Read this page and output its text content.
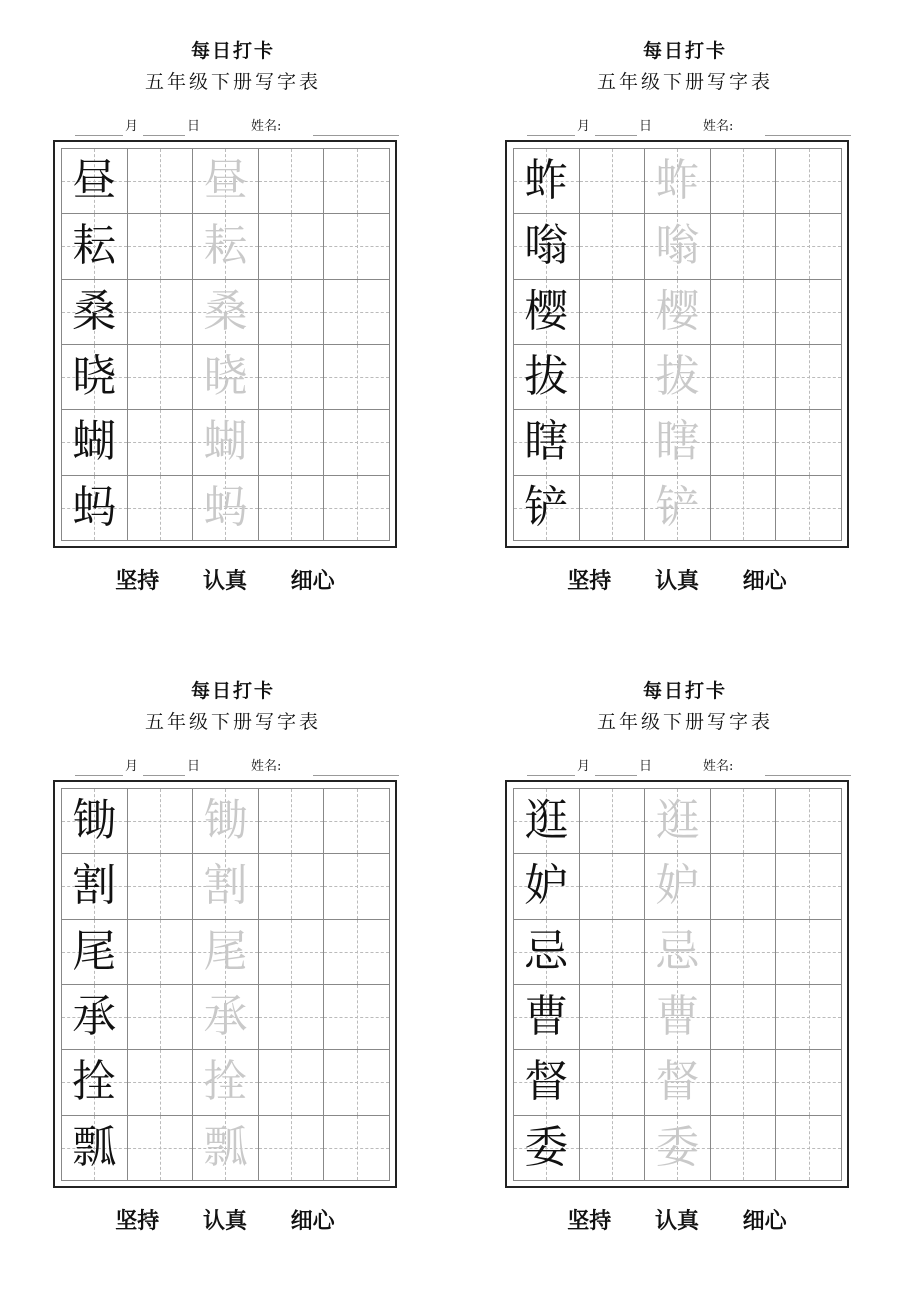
每日打卡
五年级下册写字表
月	日	姓名:
昼 昼
耘 耘
桑 桑
晓 晓
蝴 蝴
蚂 蚂
坚持 认真 细心
每日打卡
五年级下册写字表
月	日	姓名:
蚱 蚱
嗡 嗡
樱 樱
拔 拔
瞎 瞎
铲 铲
坚持 认真 细心
每日打卡
五年级下册写字表
月	日	姓名:
锄 锄
割 割
尾 尾
承 承
拴 拴
瓢 瓢
坚持 认真 细心
每日打卡
五年级下册写字表
月	日	姓名:
逛 逛
妒 妒
忌 忌
曹 曹
督 督
委 委
坚持 认真 细心
